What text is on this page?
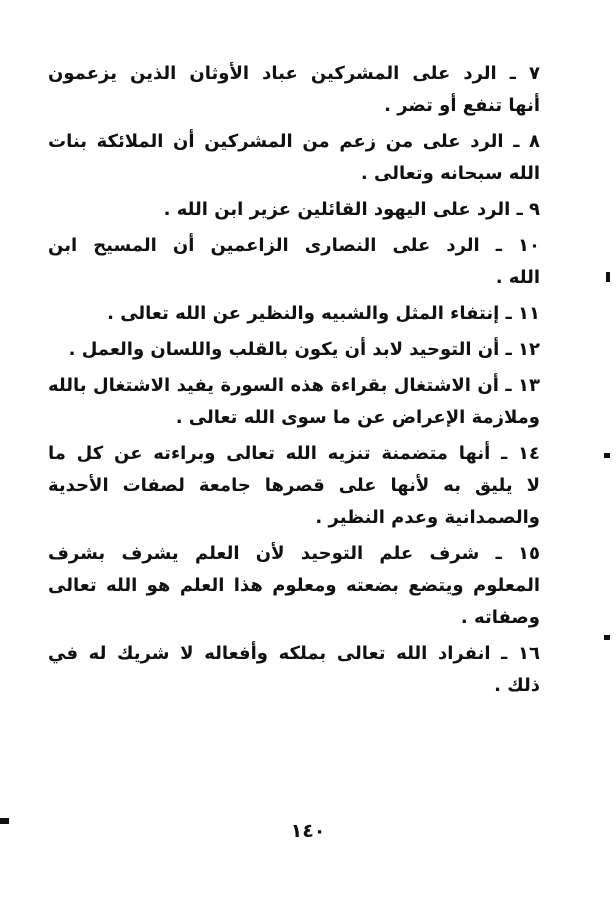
٧ ـ الرد على المشركين عباد الأوثان الذين يزعمون
أنها تنفع أو تضر .
٨ ـ الرد على من زعم من المشركين أن الملائكة بنات
الله سبحانه وتعالى .
٩ ـ الرد على اليهود القائلين عزير ابن الله .
١٠ ـ الرد على النصارى الزاعمين أن المسيح ابن
الله .
١١ ـ إنتفاء المثل والشبيه والنظير عن الله تعالى .
١٢ ـ أن التوحيد لابد أن يكون بالقلب واللسان والعمل .
١٣ ـ أن الاشتغال بقراءة هذه السورة يفيد الاشتغال بالله
وملازمة الإعراض عن ما سوى الله تعالى .
١٤ ـ أنها متضمنة تنزيه الله تعالى وبراءته عن كل ما
لا يليق به لأنها على قصرها جامعة لصفات الأحدية
والصمدانية وعدم النظير .
١٥ ـ شرف علم التوحيد لأن العلم يشرف بشرف
المعلوم ويتضع بضعته ومعلوم هذا العلم هو الله تعالى
وصفاته .
١٦ ـ انفراد الله تعالى بملكه وأفعاله لا شريك له في
ذلك .
١٤٠
